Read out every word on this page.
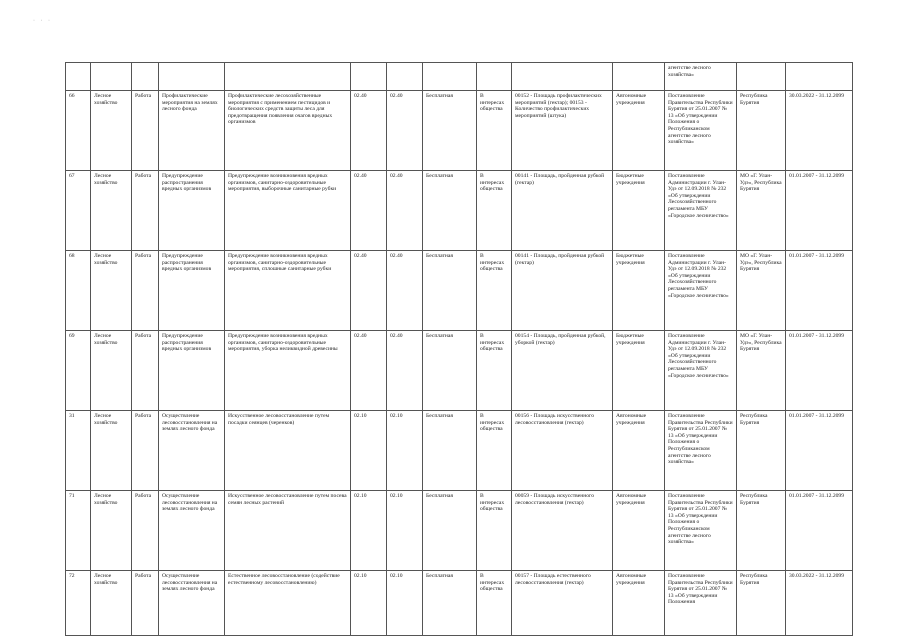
· · ·
											агентстве лесного хозяйства»		
66	Лесное хозяйство	Работа	Профилактические мероприятия на землях лесного фонда	Профилактические лесохозяйственные мероприятия с применением пестицидов и биологических средств защиты леса для предотвращения появления очагов вредных организмов	02.40	02.40	Бесплатная	В интересах общества	00152 - Площадь профилактических мероприятий (гектар); 00153 - Количество профилактических мероприятий (штука)	Автономные учреждения	Постановление Правительства Республики Бурятия от 25.01.2007 № 13 «Об утверждении Положения о Республиканском агентстве лесного хозяйства»	Республика Бурятия	30.03.2022 - 31.12.2099
67	Лесное хозяйство	Работа	Предупреждение распространения вредных организмов	Предупреждение возникновения вредных организмов, санитарно-оздоровительные мероприятия, выборочные санитарные рубки	02.40	02.40	Бесплатная	В интересах общества	00141 - Площадь, пройденная рубкой (гектар)	Бюджетные учреждения	Постановление Администрации г. Улан-Удэ от 12.09.2018 № 232 «Об утверждении Лесохозяйственного регламента МБУ «Городское лесничество»	МО «Г. Улан-Удэ», Республика Бурятия	01.01.2007 - 31.12.2099
68	Лесное хозяйство	Работа	Предупреждение распространения вредных организмов	Предупреждение возникновения вредных организмов, санитарно-оздоровительные мероприятия, сплошные санитарные рубки	02.40	02.40	Бесплатная	В интересах общества	00141 - Площадь, пройденная рубкой (гектар)	Бюджетные учреждения	Постановление Администрации г. Улан-Удэ от 12.09.2018 № 232 «Об утверждении Лесохозяйственного регламента МБУ «Городское лесничество»	МО «Г. Улан-Удэ», Республика Бурятия	01.01.2007 - 31.12.2099
69	Лесное хозяйство	Работа	Предупреждение распространения вредных организмов	Предупреждение возникновения вредных организмов, санитарно-оздоровительные мероприятия, уборка неликвидной древесины	02.40	02.40	Бесплатная	В интересах общества	00154 - Площадь, пройденная рубкой, уборкой (гектар)	Бюджетные учреждения	Постановление Администрации г. Улан-Удэ от 12.09.2018 № 232 «Об утверждении Лесохозяйственного регламента МБУ «Городское лесничество»	МО «Г. Улан-Удэ», Республика Бурятия	01.01.2007 - 31.12.2099
31	Лесное хозяйство	Работа	Осуществление лесовосстановления на землях лесного фонда	Искусственное лесовосстановление путем посадки сеянцев (черенков)	02.10	02.10	Бесплатная	В интересах общества	00156 - Площадь искусственного лесовосстановления (гектар)	Автономные учреждения	Постановление Правительства Республики Бурятия от 25.01.2007 № 13 «Об утверждении Положения о Республиканском агентстве лесного хозяйства»	Республика Бурятия	01.01.2007 - 31.12.2099
71	Лесное хозяйство	Работа	Осуществление лесовосстановления на землях лесного фонда	Искусственное лесовосстановление путем посева семян лесных растений	02.10	02.10	Бесплатная	В интересах общества	00059 - Площадь искусственного лесовосстановления (гектар)	Автономные учреждения	Постановление Правительства Республики Бурятия от 25.01.2007 № 13 «Об утверждении Положения о Республиканском агентстве лесного хозяйства»	Республика Бурятия	01.01.2007 - 31.12.2099
72	Лесное хозяйство	Работа	Осуществление лесовосстановления на землях лесного фонда	Естественное лесовосстановление (содействие естественному лесовосстановлению)	02.10	02.10	Бесплатная	В интересах общества	00157 - Площадь естественного лесовосстановления (гектар)	Автономные учреждения	Постановление Правительства Республики Бурятия от 25.01.2007 № 13 «Об утверждении Положения	Республика Бурятия	30.03.2022 - 31.12.2099
